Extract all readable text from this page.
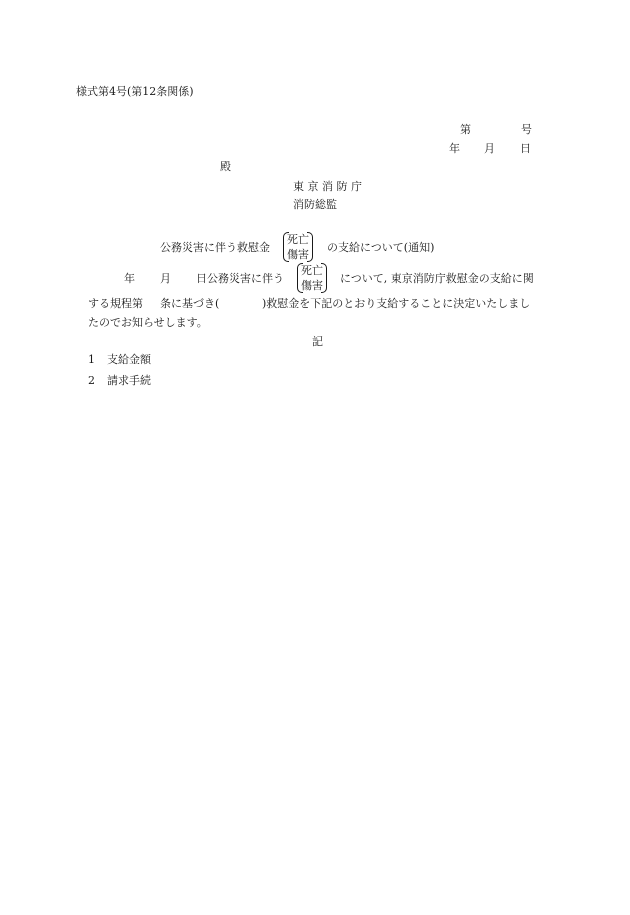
様式第4号(第12条関係)
第	号
年 月 日
殿
東 京 消 防 庁
消防総監
公務災害に伴う救慰金
死亡
傷害
の支給について(通知)
年 月 日公務災害に伴う
死亡
傷害
について, 東京消防庁救慰金の支給に関
する規程第 条に基づき(	)救慰金を下記のとおり支給することに決定いたしまし
たのでお知らせします。
記
1 支給金額
2 請求手続
